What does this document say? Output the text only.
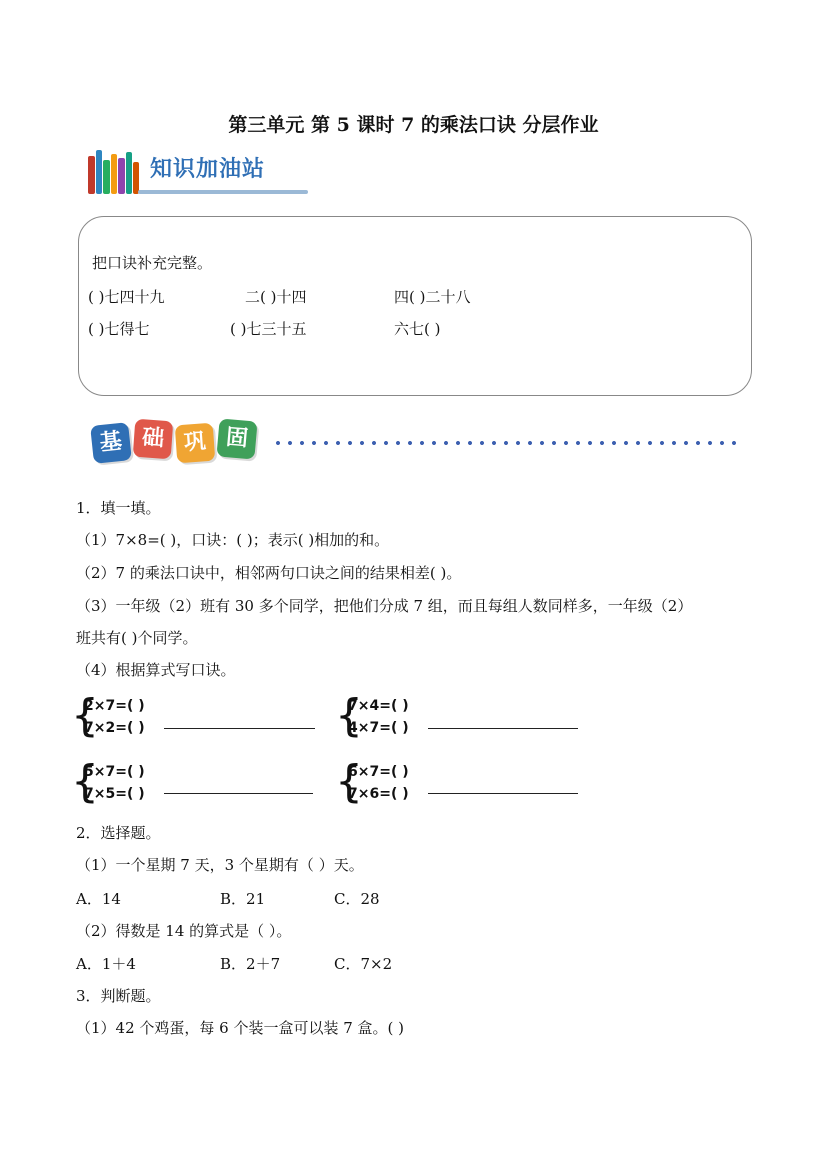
第三单元 第 5 课时 7 的乘法口诀 分层作业
知识加油站
把口诀补充完整。
( )七四十九	二( )十四	四( )二十八
( )七得七	( )七三十五	六七( )
基 础 巩 固
1．填一填。
（1）7×8=( )，口诀：( )；表示( )相加的和。
（2）7 的乘法口诀中，相邻两句口诀之间的结果相差( )。
（3）一年级（2）班有 30 多个同学，把他们分成 7 组，而且每组人数同样多，一年级（2）
班共有( )个同学。
（4）根据算式写口诀。
{
2×7=( )
7×2=( )	{
7×4=( )
4×7=( )
{
5×7=( )
7×5=( )	{
6×7=( )
7×6=( )
2．选择题。
（1）一个星期 7 天，3 个星期有（ ）天。
A．14	B．21	C．28
（2）得数是 14 的算式是（ ）。
A．1＋4	B．2＋7	C．7×2
3．判断题。
（1）42 个鸡蛋，每 6 个装一盒可以装 7 盒。( )
